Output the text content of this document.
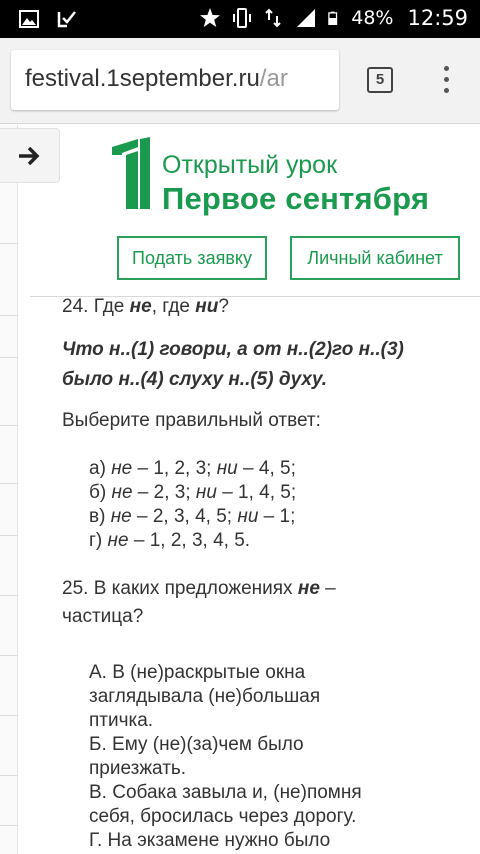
48% 12:59
festival.1september.ru/ar	5
Открытый урок
Первое сентября
Подать заявку	Личный кабинет
24. Где не, где ни?
Что н..(1) говори, а от н..(2)го н..(3)
было н..(4) слуху н..(5) духу.
Выберите правильный ответ:
а) не – 1, 2, 3; ни – 4, 5;
б) не – 2, 3; ни – 1, 4, 5;
в) не – 2, 3, 4, 5; ни – 1;
г) не – 1, 2, 3, 4, 5.
25. В каких предложениях не –
частица?
А. В (не)раскрытые окна
заглядывала (не)большая
птичка.
Б. Ему (не)(за)чем было
приезжать.
В. Собака завыла и, (не)помня
себя, бросилась через дорогу.
Г. На экзамене нужно было
